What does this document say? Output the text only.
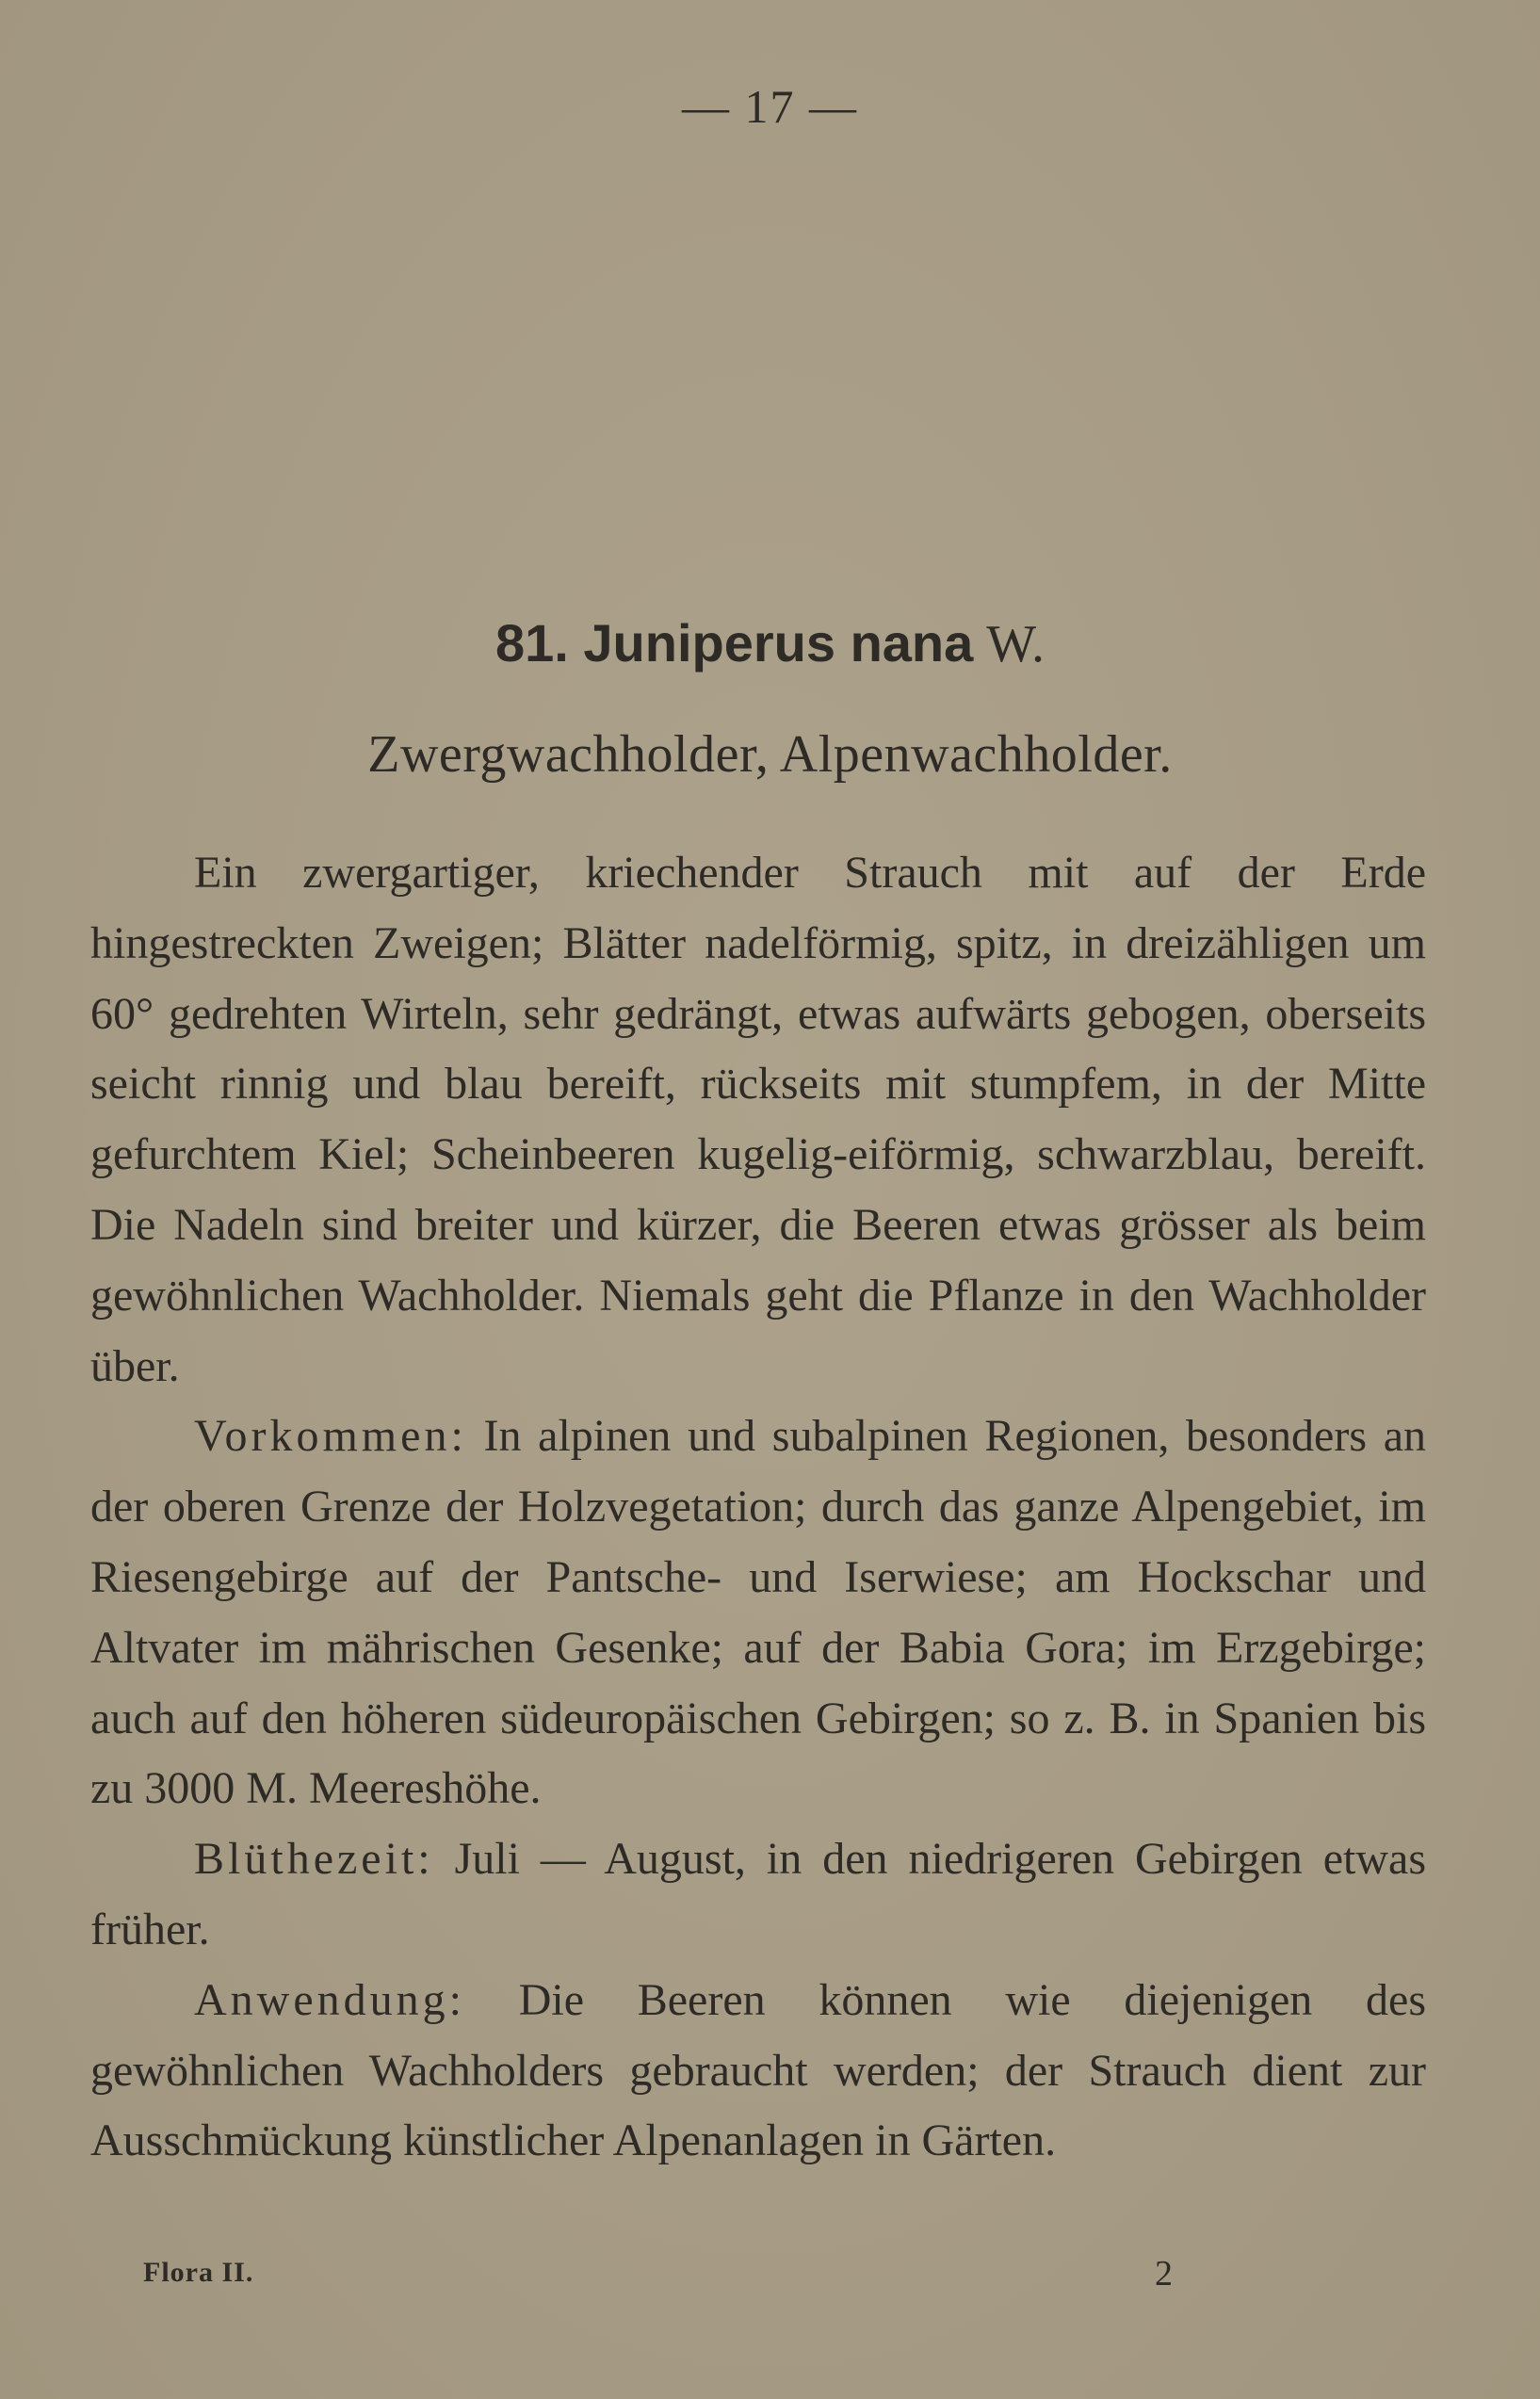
— 17 —
81. Juniperus nana W.
Zwergwachholder, Alpenwachholder.

Ein zwergartiger, kriechender Strauch mit auf der Erde hingestreckten Zweigen; Blätter nadelförmig, spitz, in dreizähligen um 60° gedrehten Wirteln, sehr gedrängt, etwas aufwärts gebogen, oberseits seicht rinnig und blau bereift, rückseits mit stumpfem, in der Mitte gefurchtem Kiel; Scheinbeeren kugelig-eiförmig, schwarzblau, bereift. Die Nadeln sind breiter und kürzer, die Beeren etwas grösser als beim gewöhnlichen Wachholder. Niemals geht die Pflanze in den Wachholder über.

Vorkommen: In alpinen und subalpinen Regionen, besonders an der oberen Grenze der Holzvegetation; durch das ganze Alpengebiet, im Riesengebirge auf der Pantsche- und Iserwiese; am Hockschar und Altvater im mährischen Gesenke; auf der Babia Gora; im Erzgebirge; auch auf den höheren südeuropäischen Gebirgen; so z. B. in Spanien bis zu 3000 M. Meereshöhe.

Blüthezeit: Juli — August, in den niedrigeren Gebirgen etwas früher.

Anwendung: Die Beeren können wie diejenigen des gewöhnlichen Wachholders gebraucht werden; der Strauch dient zur Ausschmückung künstlicher Alpenanlagen in Gärten.

Flora II.	2
